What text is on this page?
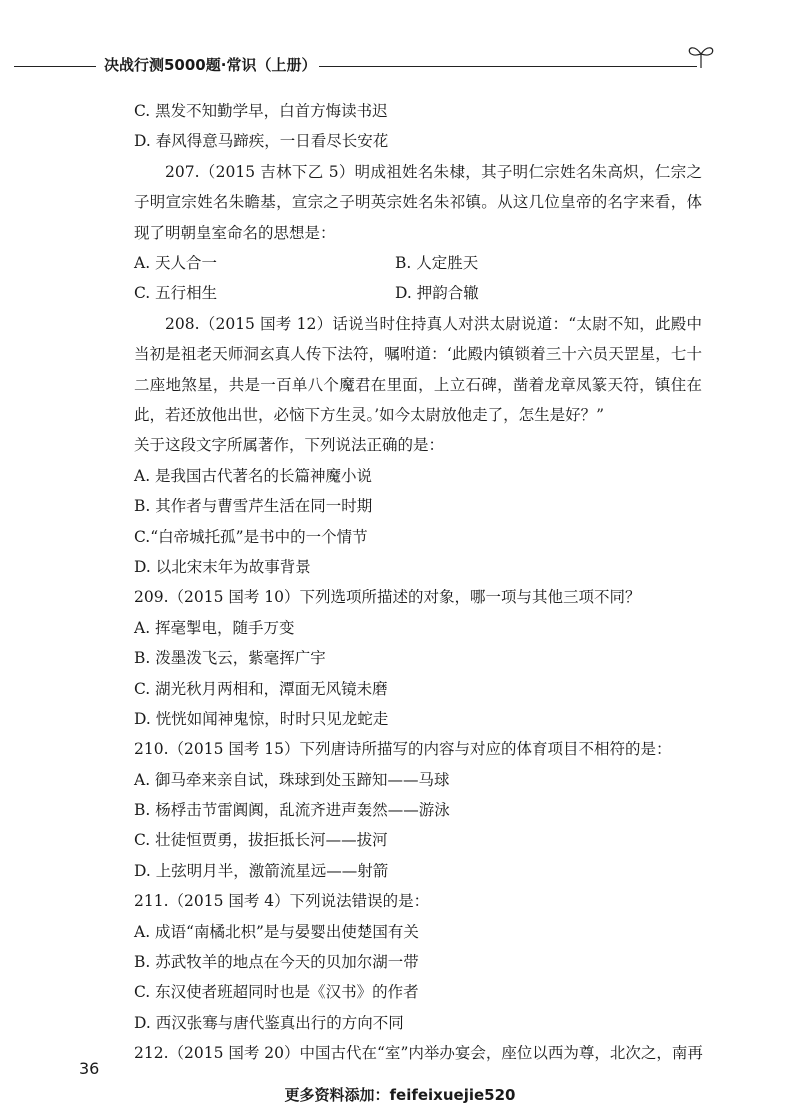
决战行测5000题·常识（上册）
C. 黑发不知勤学早，白首方悔读书迟
D. 春风得意马蹄疾，一日看尽长安花
207.（2015 吉林下乙 5）明成祖姓名朱棣，其子明仁宗姓名朱高炽，仁宗之子明宣宗姓名朱瞻基，宣宗之子明英宗姓名朱祁镇。从这几位皇帝的名字来看，体现了明朝皇室命名的思想是：
A. 天人合一	B. 人定胜天
C. 五行相生	D. 押韵合辙
208.（2015 国考 12）话说当时住持真人对洪太尉说道：“太尉不知，此殿中当初是祖老天师洞玄真人传下法符，嘱咐道：‘此殿内镇锁着三十六员天罡星，七十二座地煞星，共是一百单八个魔君在里面，上立石碑，凿着龙章凤篆天符，镇住在此，若还放他出世，必恼下方生灵。’如今太尉放他走了，怎生是好？”
关于这段文字所属著作，下列说法正确的是：
A. 是我国古代著名的长篇神魔小说
B. 其作者与曹雪芹生活在同一时期
C.“白帝城托孤”是书中的一个情节
D. 以北宋末年为故事背景
209.（2015 国考 10）下列选项所描述的对象，哪一项与其他三项不同？
A. 挥毫掣电，随手万变
B. 泼墨泼飞云，紫毫挥广宇
C. 湖光秋月两相和，潭面无风镜未磨
D. 恍恍如闻神鬼惊，时时只见龙蛇走
210.（2015 国考 15）下列唐诗所描写的内容与对应的体育项目不相符的是：
A. 御马牵来亲自试，珠球到处玉蹄知——马球
B. 杨桴击节雷阗阗，乱流齐进声轰然——游泳
C. 壮徒恒贾勇，拔拒抵长河——拔河
D. 上弦明月半，激箭流星远——射箭
211.（2015 国考 4）下列说法错误的是：
A. 成语“南橘北枳”是与晏婴出使楚国有关
B. 苏武牧羊的地点在今天的贝加尔湖一带
C. 东汉使者班超同时也是《汉书》的作者
D. 西汉张骞与唐代鉴真出行的方向不同
212.（2015 国考 20）中国古代在“室”内举办宴会，座位以西为尊，北次之，南再
36
更多资料添加：feifeixuejie520
